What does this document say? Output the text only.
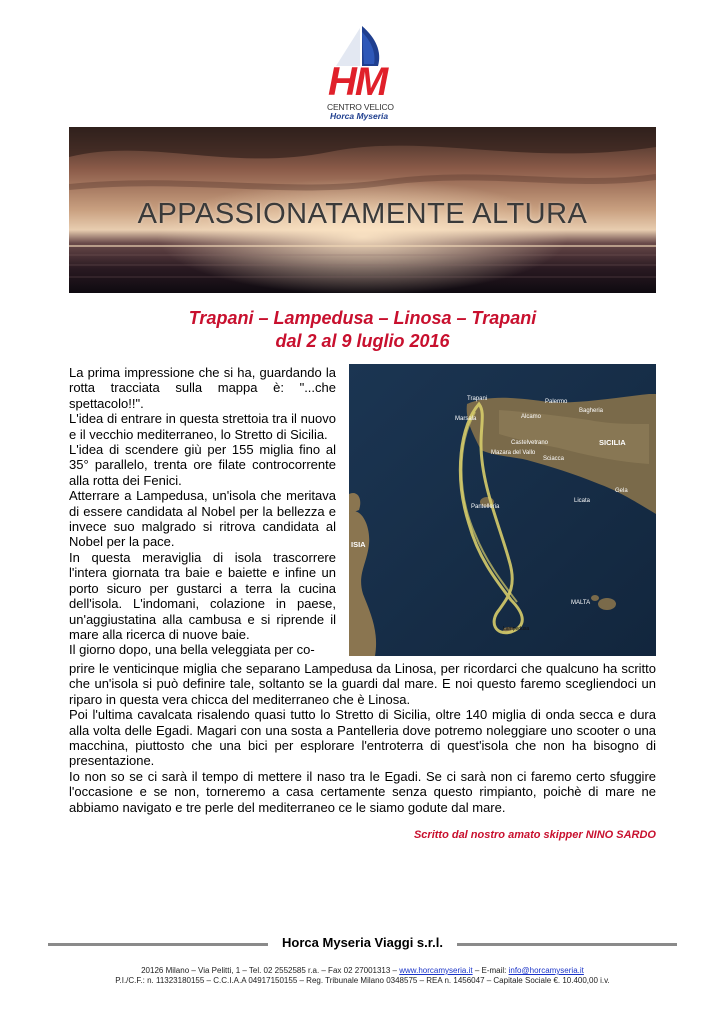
HM
CENTRO VELICO
Horca Myseria
APPASSIONATAMENTE ALTURA
Trapani – Lampedusa – Linosa – Trapani
dal 2 al 9 luglio 2016

La prima impressione che si ha, guardando la rotta tracciata sulla mappa è: "...che spettacolo!!".

L'idea di entrare in questa strettoia tra il nuovo e il vecchio mediterraneo, lo Stretto di Sicilia.

L'idea di scendere giù per 155 miglia fino al 35° parallelo, trenta ore filate controcorrente alla rotta dei Fenici.

Atterrare a Lampedusa, un'isola che meritava di essere candidata al Nobel per la bellezza e invece suo malgrado si ritrova candidata al Nobel per la pace.

In questa meraviglia di isola trascorrere l'intera giornata tra baie e baiette e infine un porto sicuro per gustarci a terra la cucina dell'isola. L'indomani, colazione in paese, un'aggiustatina alla cambusa e si riprende il mare alla ricerca di nuove baie.

Il giorno dopo, una bella veleggiata per co-

Palermo
Trapani
Bagheria
Alcamo
Marsala
Castelvetrano
Mazara del Vallo
Sciacca
SICILIA
Pantelleria
Licata
Gela
MALTA
Lampedusa
ISIA

prire le venticinque miglia che separano Lampedusa da Linosa, per ricordarci che qualcuno ha scritto che un'isola si può definire tale, soltanto se la guardi dal mare. E noi questo faremo scegliendoci un riparo in questa vera chicca del mediterraneo che è Linosa.

Poi l'ultima cavalcata risalendo quasi tutto lo Stretto di Sicilia, oltre 140 miglia di onda secca e dura alla volta delle Egadi. Magari con una sosta a Pantelleria dove potremo noleggiare uno scooter o una macchina, piuttosto che una bici per esplorare l'entroterra di quest'isola che non ha bisogno di presentazione.

Io non so se ci sarà il tempo di mettere il naso tra le Egadi. Se ci sarà non ci faremo certo sfuggire l'occasione e se non, torneremo a casa certamente senza questo rimpianto, poichè di mare ne abbiamo navigato e tre perle del mediterraneo ce le siamo godute dal mare.

Scritto dal nostro amato skipper NINO SARDO
Horca Myseria Viaggi s.r.l.
20126 Milano – Via Pelitti, 1 – Tel. 02 2552585 r.a. – Fax 02 27001313 – www.horcamyseria.it – E-mail: info@horcamyseria.it
P.I./C.F.: n. 11323180155 – C.C.I.A.A 04917150155 – Reg. Tribunale Milano 0348575 – REA n. 1456047 – Capitale Sociale €. 10.400,00 i.v.
